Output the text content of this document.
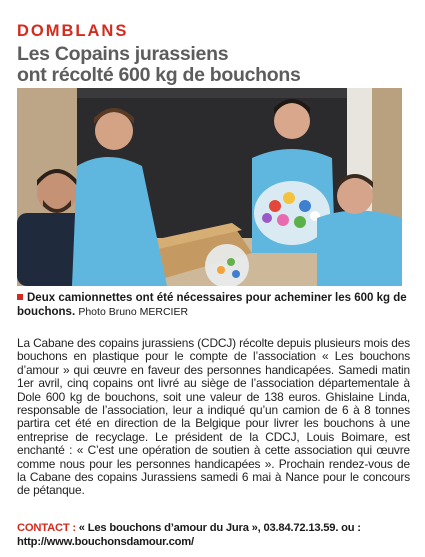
DOMBLANS
Les Copains jurassiens
ont récolté 600 kg de bouchons
Deux camionnettes ont été nécessaires pour acheminer les 600 kg de bouchons. Photo Bruno MERCIER

La Cabane des copains jurassiens (CDCJ) récolte depuis plusieurs mois des bouchons en plastique pour le compte de l’association « Les bouchons d’amour » qui œuvre en faveur des personnes handicapées. Samedi matin 1er avril, cinq copains ont livré au siège de l’association départementale à Dole 600 kg de bouchons, soit une valeur de 138 euros. Ghislaine Linda, responsable de l’association, leur a indiqué qu’un camion de 6 à 8 tonnes partira cet été en direction de la Belgique pour livrer les bouchons à une entreprise de recyclage. Le président de la CDCJ, Louis Boimare, est enchanté : « C’est une opération de soutien à cette association qui œuvre comme nous pour les personnes handicapées ». Prochain rendez-vous de la Cabane des copains Jurassiens samedi 6 mai à Nance pour le concours de pétanque.

CONTACT : « Les bouchons d’amour du Jura », 03.84.72.13.59. ou : http://www.bouchonsdamour.com/
